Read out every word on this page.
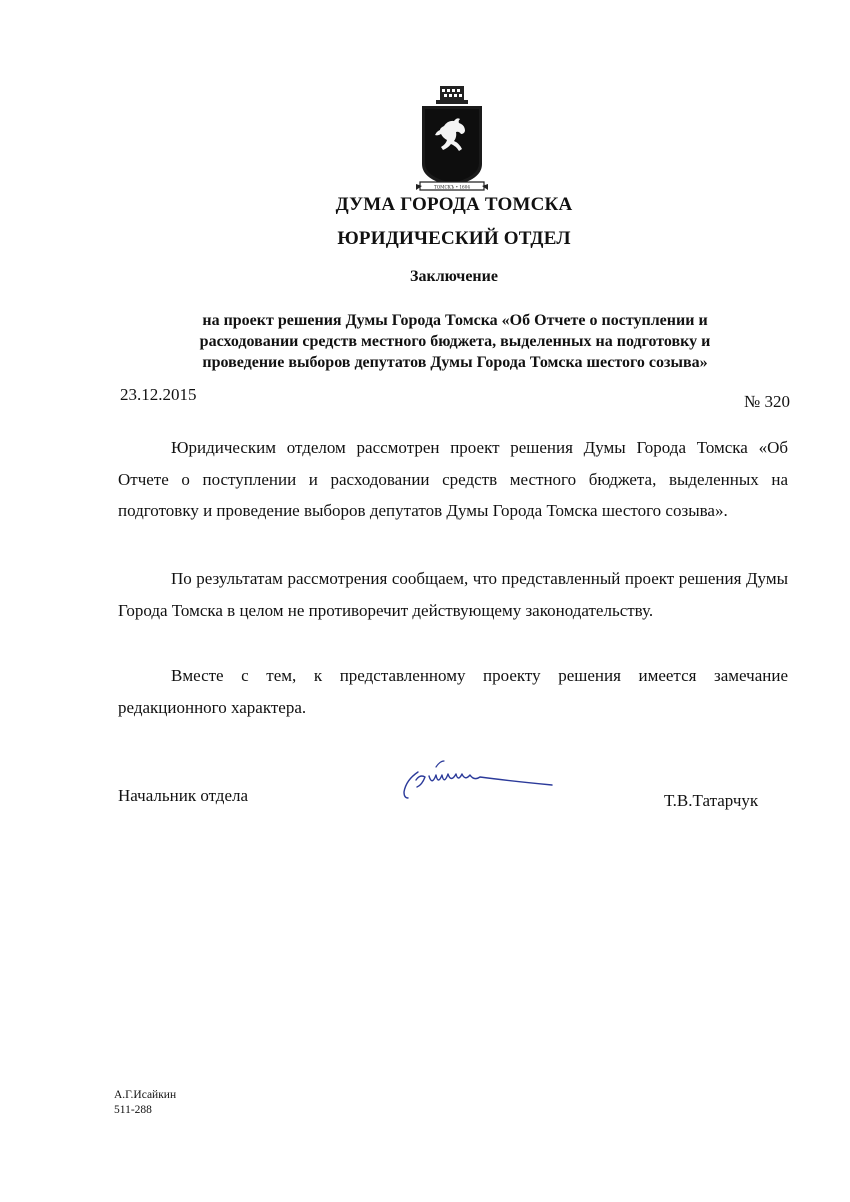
ТОМСКЪ • 1604
ДУМА ГОРОДА ТОМСКА
ЮРИДИЧЕСКИЙ ОТДЕЛ
Заключение
на проект решения Думы Города Томска «Об Отчете о поступлении и
расходовании средств местного бюджета, выделенных на подготовку и
проведение выборов депутатов Думы Города Томска шестого созыва»
23.12.2015	№ 320
Юридическим отделом рассмотрен проект решения Думы Города Томска «Об Отчете о поступлении и расходовании средств местного бюджета, выделенных на подготовку и проведение выборов депутатов Думы Города Томска шестого созыва».
По результатам рассмотрения сообщаем, что представленный проект решения Думы Города Томска в целом не противоречит действующему законодательству.
Вместе с тем, к представленному проекту решения имеется замечание редакционного характера.
Начальник отдела	Т.В.Татарчук
А.Г.Исайкин
511-288
